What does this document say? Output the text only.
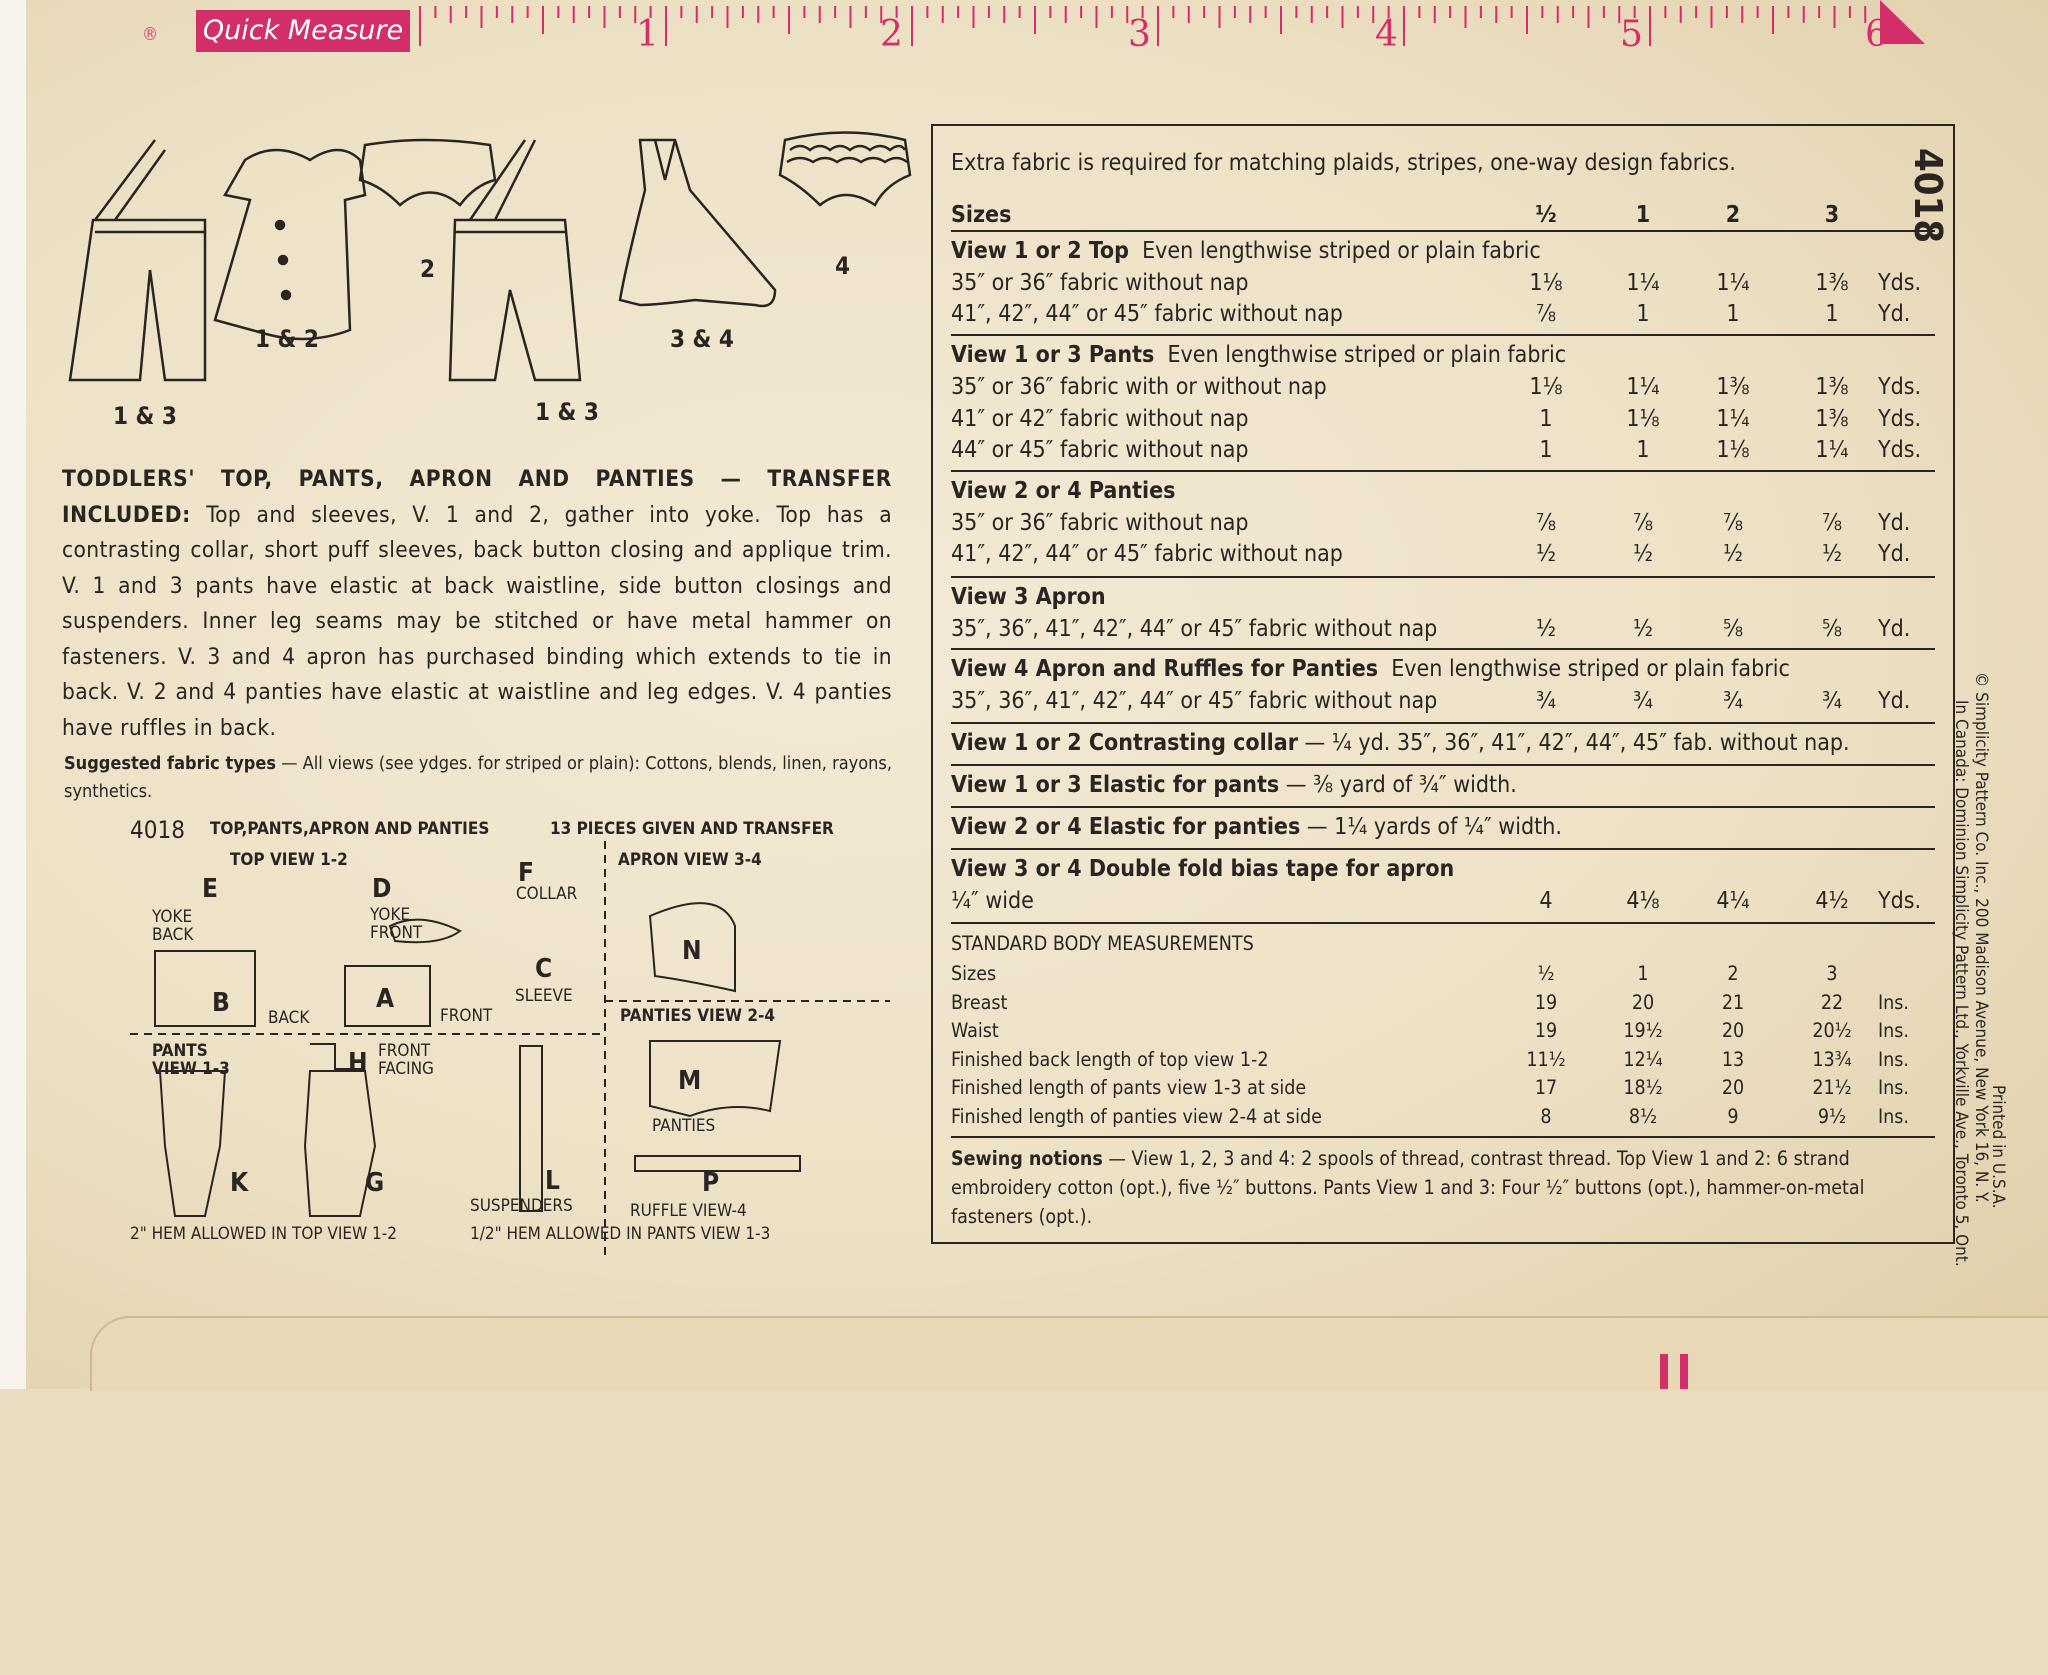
® Quick Measure	1	2	3	4	5	6
1 & 3
1 & 2
2
1 & 3
3 & 4
4
TODDLERS' TOP, PANTS, APRON AND PANTIES — TRANSFER INCLUDED: Top and sleeves, V. 1 and 2, gather into yoke. Top has a contrasting collar, short puff sleeves, back button closing and applique trim. V. 1 and 3 pants have elastic at back waistline, side button closings and suspenders. Inner leg seams may be stitched or have metal hammer on fasteners. V. 3 and 4 apron has purchased binding which extends to tie in back. V. 2 and 4 panties have elastic at waistline and leg edges. V. 4 panties have ruffles in back.
Suggested fabric types — All views (see ydges. for striped or plain): Cottons, blends, linen, rayons, synthetics.
4018 TOP,PANTS,APRON AND PANTIES	13 PIECES GIVEN AND TRANSFER
TOP VIEW 1-2	APRON VIEW 3-4
PANTIES VIEW 2-4
PANTS VIEW 1-3
YOKE BACK
YOKE FRONT
COLLAR
SLEEVE
BACK	FRONT
FRONT FACING
PANTIES
SUSPENDERS	RUFFLE VIEW-4
2" HEM ALLOWED IN TOP VIEW 1-2	1/2" HEM ALLOWED IN PANTS VIEW 1-3
E	D
F
C
B	A
N
H
M
K	G	L	P
Extra fabric is required for matching plaids, stripes, one-way design fabrics.
Sizes	½	1	2	3
View 1 or 2 Top Even lengthwise striped or plain fabric
35″ or 36″ fabric without nap	1⅛	1¼	1¼	1⅜	Yds.
41″, 42″, 44″ or 45″ fabric without nap	⅞	1	1	1	Yd.
View 1 or 3 Pants Even lengthwise striped or plain fabric
35″ or 36″ fabric with or without nap	1⅛	1¼	1⅜	1⅜	Yds.
41″ or 42″ fabric without nap	1	1⅛	1¼	1⅜	Yds.
44″ or 45″ fabric without nap	1	1	1⅛	1¼	Yds.
View 2 or 4 Panties
35″ or 36″ fabric without nap	⅞	⅞	⅞	⅞	Yd.
41″, 42″, 44″ or 45″ fabric without nap	½	½	½	½	Yd.
View 3 Apron
35″, 36″, 41″, 42″, 44″ or 45″ fabric without nap	½	½	⅝	⅝	Yd.
View 4 Apron and Ruffles for Panties Even lengthwise striped or plain fabric
35″, 36″, 41″, 42″, 44″ or 45″ fabric without nap	¾	¾	¾	¾	Yd.
View 1 or 2 Contrasting collar — ¼ yd. 35″, 36″, 41″, 42″, 44″, 45″ fab. without nap.
View 1 or 3 Elastic for pants — ⅜ yard of ¾″ width.
View 2 or 4 Elastic for panties — 1¼ yards of ¼″ width.
View 3 or 4 Double fold bias tape for apron
¼″ wide	4	4⅛	4¼	4½	Yds.
STANDARD BODY MEASUREMENTS
Sizes	½	1	2	3
Breast	19	20	21	22	Ins.
Waist	19	19½	20	20½	Ins.
Finished back length of top view 1-2	11½	12¼	13	13¾	Ins.
Finished length of pants view 1-3 at side	17	18½	20	21½	Ins.
Finished length of panties view 2-4 at side	8	8½	9	9½	Ins.
Sewing notions — View 1, 2, 3 and 4: 2 spools of thread, contrast thread. Top View 1 and 2: 6 strand embroidery cotton (opt.), five ½″ buttons. Pants View 1 and 3: Four ½″ buttons (opt.), hammer-on-metal fasteners (opt.).
4018
© Simplicity Pattern Co. Inc., 200 Madison Avenue, New York 16, N. Y.
In Canada: Dominion Simplicity Pattern Ltd., Yorkville Ave., Toronto 5, Ont. Printed in U.S.A.
